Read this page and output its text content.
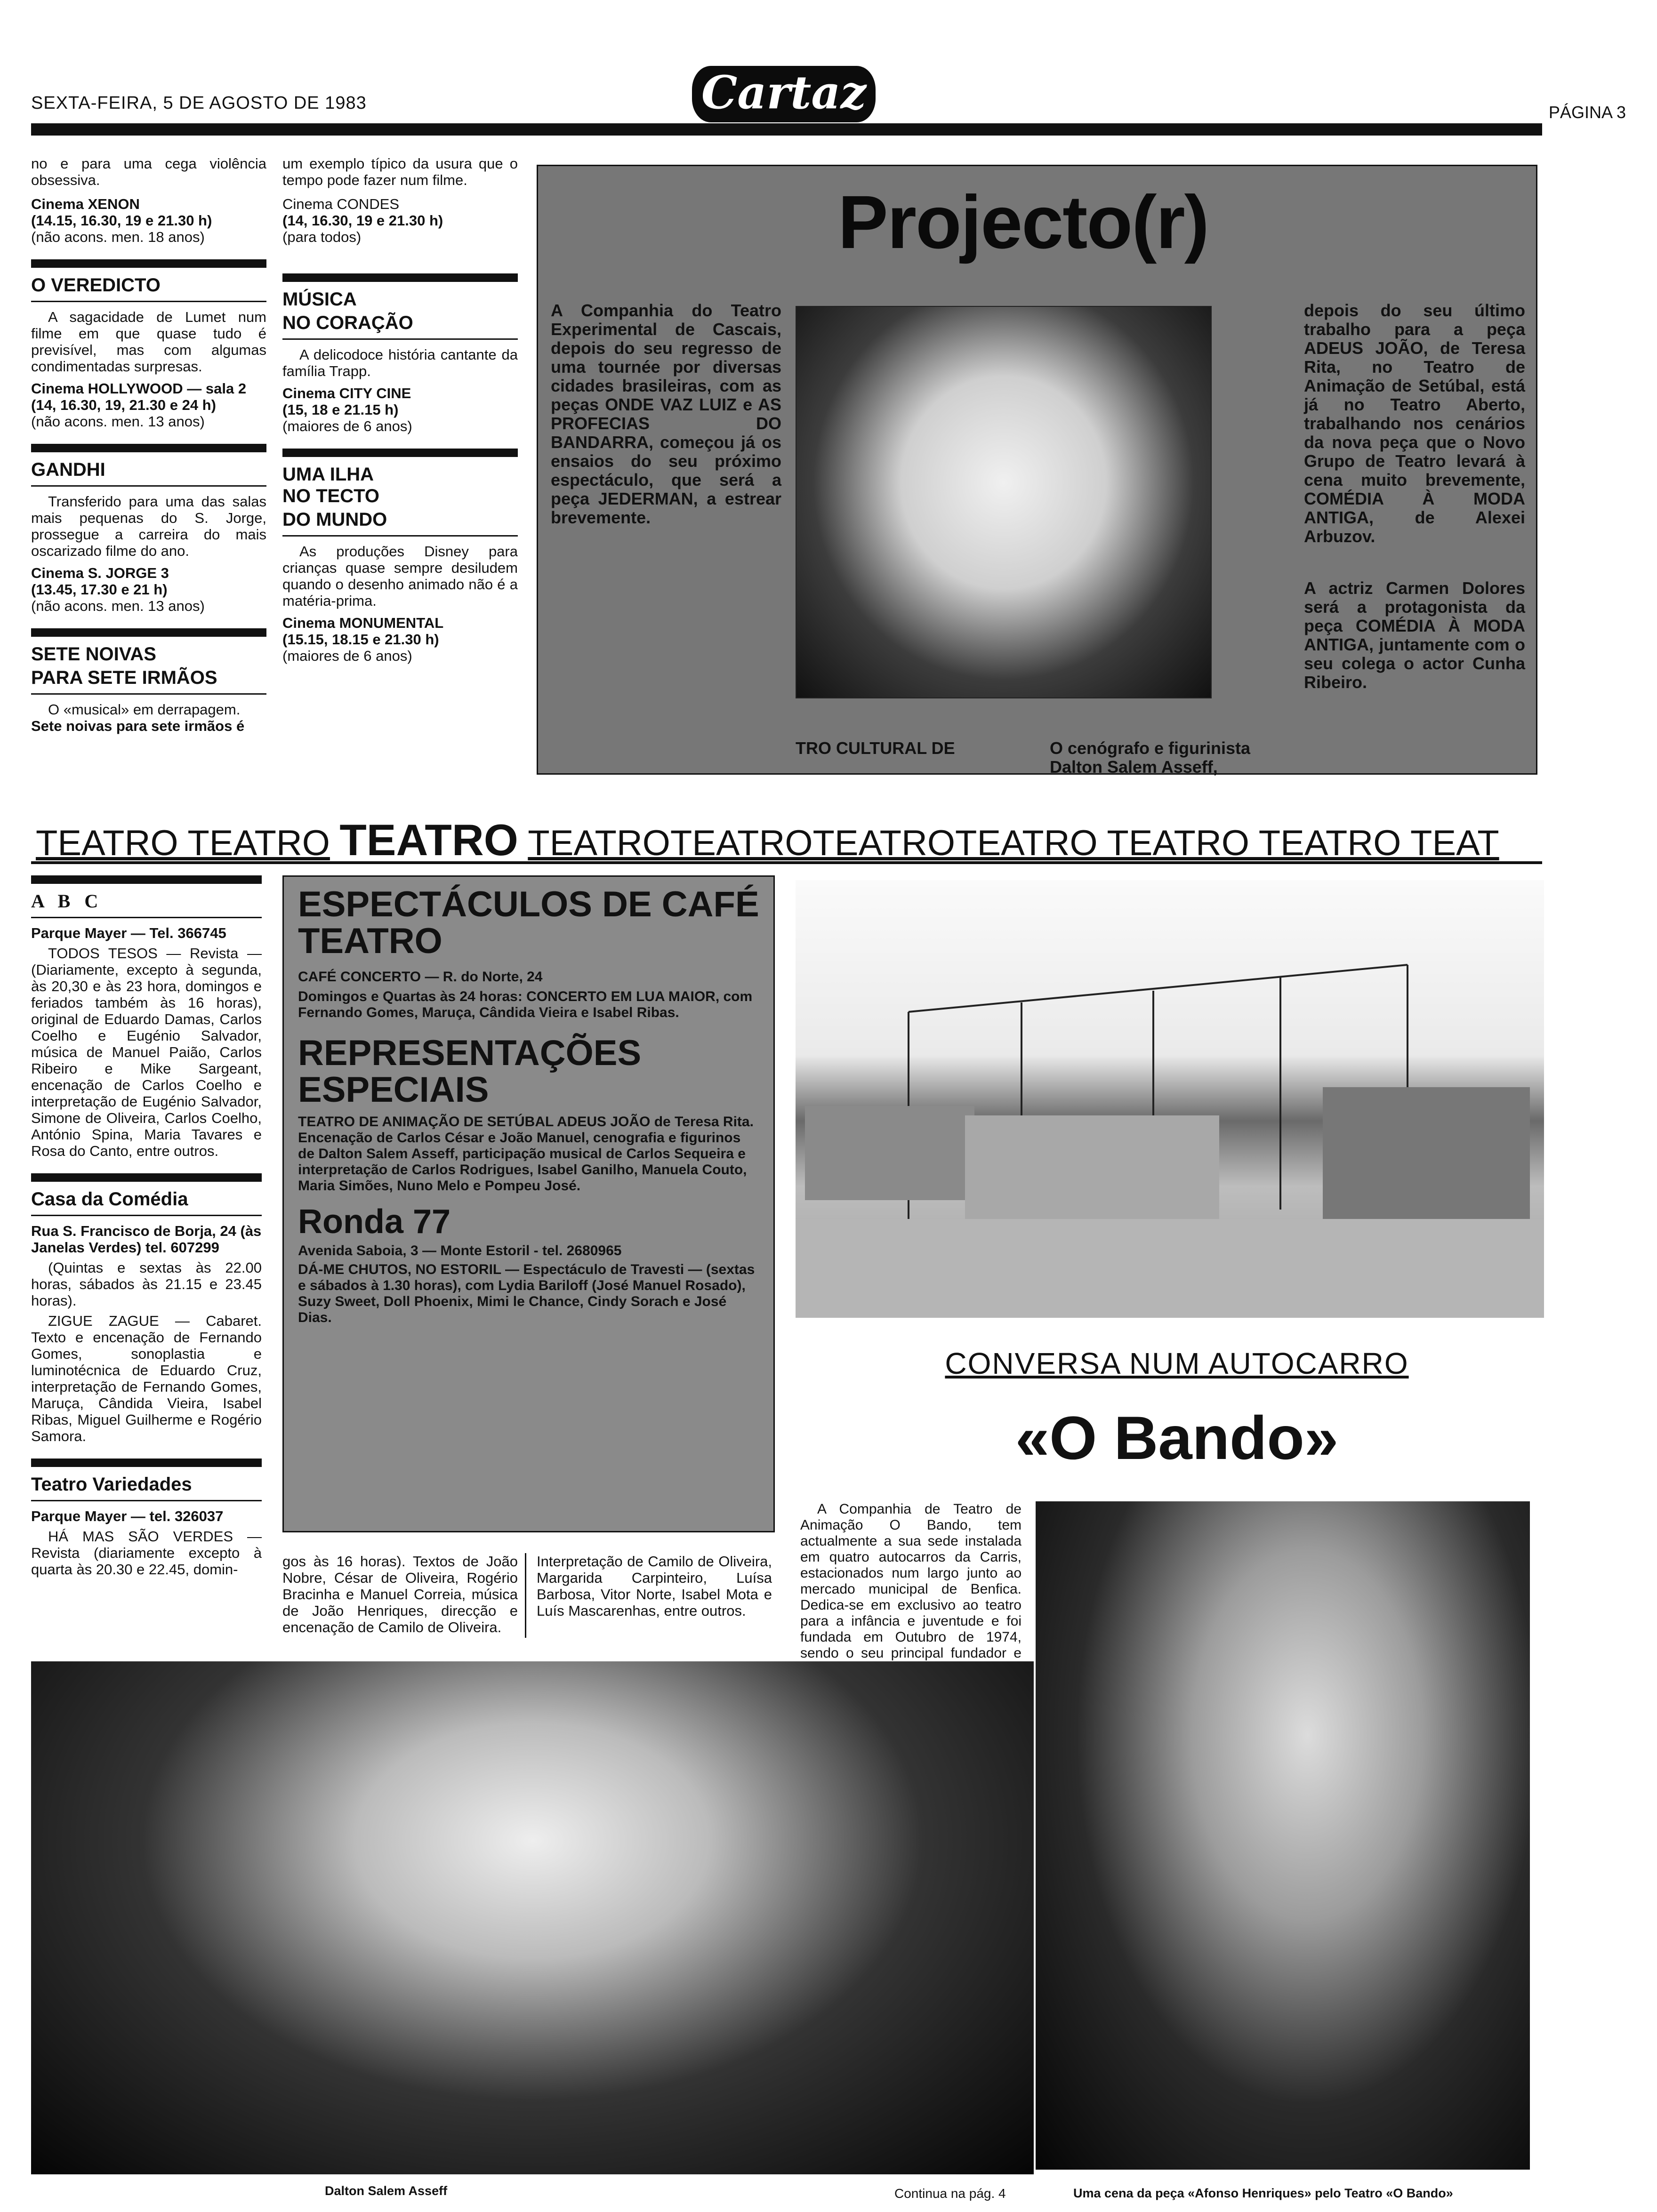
SEXTA-FEIRA, 5 DE AGOSTO DE 1983	Cartaz	PÁGINA 3

no e para uma cega violência obsessiva.

Cinema XENON

(14.15, 16.30, 19 e 21.30 h)

(não acons. men. 18 anos)

O VEREDICTO

A sagacidade de Lumet num filme em que quase tudo é previsível, mas com algumas condimentadas surpresas.

Cinema HOLLYWOOD — sala 2

(14, 16.30, 19, 21.30 e 24 h)

(não acons. men. 13 anos)

GANDHI

Transferido para uma das salas mais pequenas do S. Jorge, prossegue a carreira do mais oscarizado filme do ano.

Cinema S. JORGE 3

(13.45, 17.30 e 21 h)

(não acons. men. 13 anos)

SETE NOIVAS
PARA SETE IRMÃOS

O «musical» em derrapagem.

Sete noivas para sete irmãos é

um exemplo típico da usura que o tempo pode fazer num filme.

Cinema CONDES

(14, 16.30, 19 e 21.30 h)

(para todos)

MÚSICA
NO CORAÇÃO

A delicodoce história cantante da família Trapp.

Cinema CITY CINE

(15, 18 e 21.15 h)

(maiores de 6 anos)

UMA ILHA
NO TECTO
DO MUNDO

As produções Disney para crianças quase sempre desiludem quando o desenho animado não é a matéria-prima.

Cinema MONUMENTAL

(15.15, 18.15 e 21.30 h)

(maiores de 6 anos)

Projecto(r)
A Companhia do Teatro Experimental de Cascais, depois do seu regresso de uma tournée por diversas cidades brasileiras, com as peças ONDE VAZ LUIZ e AS PROFECIAS DO BANDARRA, começou já os ensaios do seu próximo espectáculo, que será a peça JEDERMAN, a estrear brevemente.
depois do seu último trabalho para a peça ADEUS JOÃO, de Teresa Rita, no Teatro de Animação de Setúbal, está já no Teatro Aberto, trabalhando nos cenários da nova peça que o Novo Grupo de Teatro levará à cena muito brevemente, COMÉDIA À MODA ANTIGA, de Alexei Arbuzov.
A actriz Carmen Dolores será a protagonista da peça COMÉDIA À MODA ANTIGA, juntamente com o seu colega o actor Cunha Ribeiro.
TRO CULTURAL DE	O cenógrafo e figurinista Dalton Salem Asseff,
TEATRO TEATRO TEATRO TEATROTEATROTEATROTEATRO TEATRO TEATRO TEAT
A B C

Parque Mayer — Tel. 366745

TODOS TESOS — Revista — (Diariamente, excepto à segunda, às 20,30 e às 23 hora, domingos e feriados também às 16 horas), original de Eduardo Damas, Carlos Coelho e Eugénio Salvador, música de Manuel Paião, Carlos Ribeiro e Mike Sargeant, encenação de Carlos Coelho e interpretação de Eugénio Salvador, Simone de Oliveira, Carlos Coelho, António Spina, Maria Tavares e Rosa do Canto, entre outros.

Casa da Comédia

Rua S. Francisco de Borja, 24 (às Janelas Verdes) tel. 607299

(Quintas e sextas às 22.00 horas, sábados às 21.15 e 23.45 horas).

ZIGUE ZAGUE — Cabaret. Texto e encenação de Fernando Gomes, sonoplastia e luminotécnica de Eduardo Cruz, interpretação de Fernando Gomes, Maruça, Cândida Vieira, Isabel Ribas, Miguel Guilherme e Rogério Samora.

Teatro Variedades

Parque Mayer — tel. 326037

HÁ MAS SÃO VERDES — Revista (diariamente excepto à quarta às 20.30 e 22.45, domin-

ESPECTÁCULOS DE CAFÉ TEATRO
CAFÉ CONCERTO — R. do Norte, 24
Domingos e Quartas às 24 horas: CONCERTO EM LUA MAIOR, com Fernando Gomes, Maruça, Cândida Vieira e Isabel Ribas.
REPRESENTAÇÕES ESPECIAIS
TEATRO DE ANIMAÇÃO DE SETÚBAL ADEUS JOÃO de Teresa Rita. Encenação de Carlos César e João Manuel, cenografia e figurinos de Dalton Salem Asseff, participação musical de Carlos Sequeira e interpretação de Carlos Rodrigues, Isabel Ganilho, Manuela Couto, Maria Simões, Nuno Melo e Pompeu José.
Ronda 77
Avenida Saboia, 3 — Monte Estoril - tel. 2680965
DÁ-ME CHUTOS, NO ESTORIL — Espectáculo de Travesti — (sextas e sábados à 1.30 horas), com Lydia Bariloff (José Manuel Rosado), Suzy Sweet, Doll Phoenix, Mimi le Chance, Cindy Sorach e José Dias.
gos às 16 horas). Textos de João Nobre, César de Oliveira, Rogério Bracinha e Manuel Correia, música de João Henriques, direcção e encenação de Camilo de Oliveira.
Interpretação de Camilo de Oliveira, Margarida Carpinteiro, Luísa Barbosa, Vitor Norte, Isabel Mota e Luís Mascarenhas, entre outros.
CONVERSA NUM AUTOCARRO
«O Bando»

A Companhia de Teatro de Animação O Bando, tem actualmente a sua sede instalada em quatro autocarros da Carris, estacionados num largo junto ao mercado municipal de Benfica. Dedica-se em exclusivo ao teatro para a infância e juventude e foi fundada em Outubro de 1974, sendo o seu principal fundador e

Continua na pág. 4
Dalton Salem Asseff	Uma cena da peça «Afonso Henriques» pelo Teatro «O Bando»
